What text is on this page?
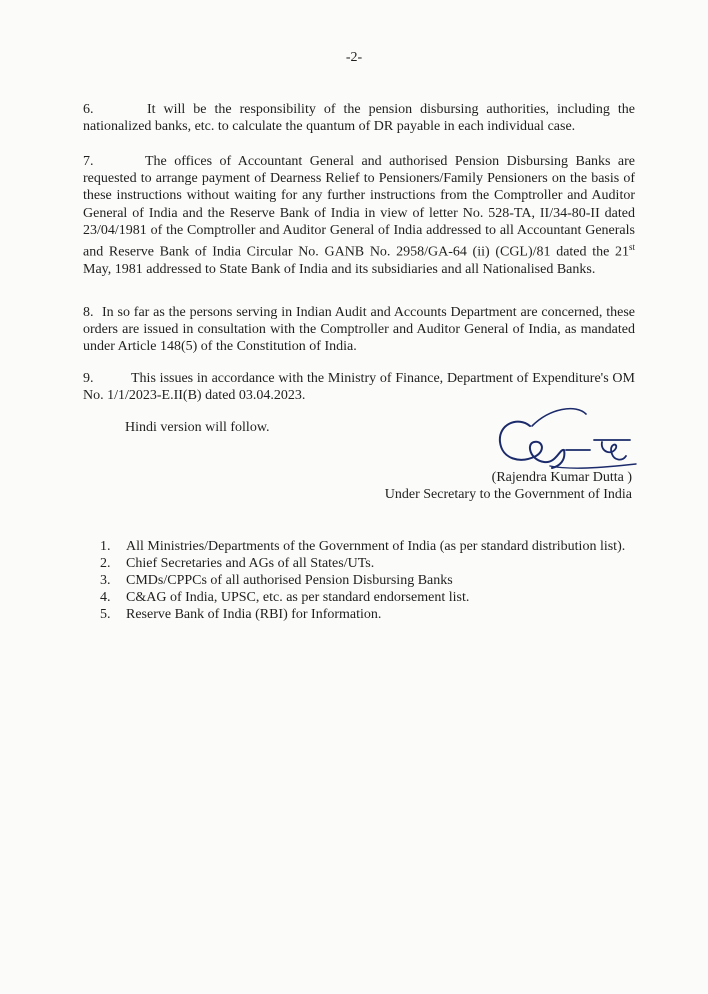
-2-
6.	It will be the responsibility of the pension disbursing authorities, including the nationalized banks, etc. to calculate the quantum of DR payable in each individual case.
7.	The offices of Accountant General and authorised Pension Disbursing Banks are requested to arrange payment of Dearness Relief to Pensioners/Family Pensioners on the basis of these instructions without waiting for any further instructions from the Comptroller and Auditor General of India and the Reserve Bank of India in view of letter No. 528-TA, II/34-80-II dated 23/04/1981 of the Comptroller and Auditor General of India addressed to all Accountant Generals and Reserve Bank of India Circular No. GANB No. 2958/GA-64 (ii) (CGL)/81 dated the 21st May, 1981 addressed to State Bank of India and its subsidiaries and all Nationalised Banks.
8. In so far as the persons serving in Indian Audit and Accounts Department are concerned, these orders are issued in consultation with the Comptroller and Auditor General of India, as mandated under Article 148(5) of the Constitution of India.
9.	This issues in accordance with the Ministry of Finance, Department of Expenditure's OM No. 1/1/2023-E.II(B) dated 03.04.2023.
Hindi version will follow.
(Rajendra Kumar Dutta )
Under Secretary to the Government of India
1. All Ministries/Departments of the Government of India (as per standard distribution list).
2. Chief Secretaries and AGs of all States/UTs.
3. CMDs/CPPCs of all authorised Pension Disbursing Banks
4. C&AG of India, UPSC, etc. as per standard endorsement list.
5. Reserve Bank of India (RBI) for Information.
